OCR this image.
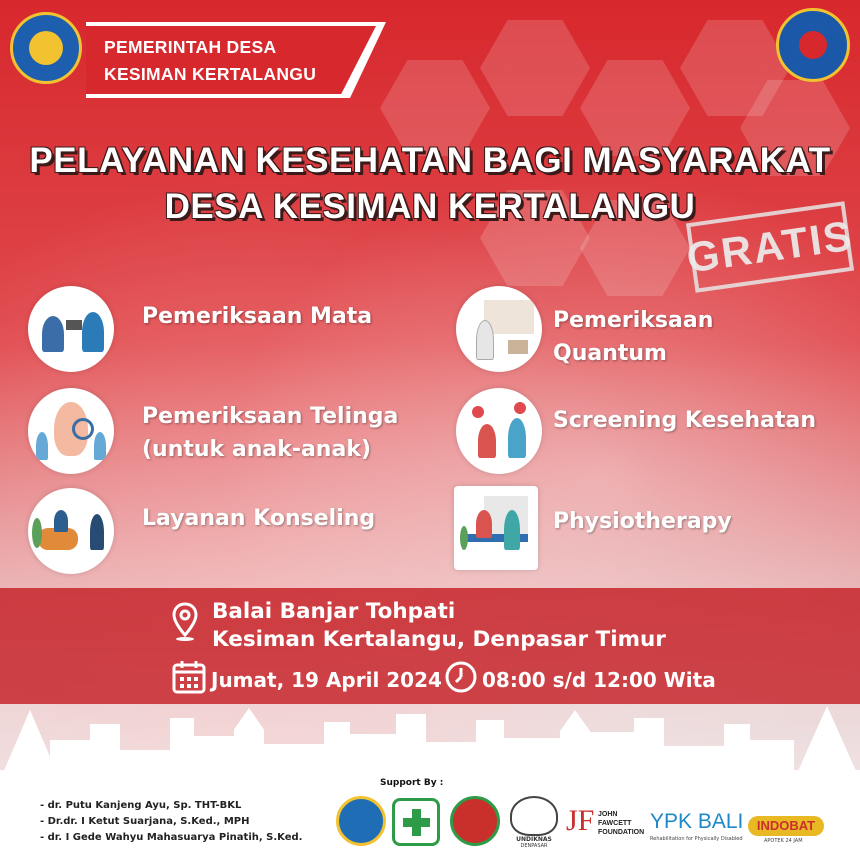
PEMERINTAH DESA
KESIMAN KERTALANGU
PELAYANAN KESEHATAN BAGI MASYARAKAT
DESA KESIMAN KERTALANGU
GRATIS
Pemeriksaan Mata
Pemeriksaan Telinga
(untuk anak-anak)
Layanan Konseling
Pemeriksaan
Quantum
Screening Kesehatan
Physiotherapy
Balai Banjar Tohpati
Kesiman Kertalangu, Denpasar Timur
Jumat, 19 April 2024 08:00 s/d 12:00 Wita
Support By :
- dr. Putu Kanjeng Ayu, Sp. THT-BKL
- Dr.dr. I Ketut Suarjana, S.Ked., MPH
- dr. I Gede Wahyu Mahasuarya Pinatih, S.Ked.	UNDIKNAS
DENPASAR
JF JOHN
FAWCETT
FOUNDATION YPK BALI
Rehabilitation for Physically Disabled
INDOBAT
APOTEK 24 JAM
